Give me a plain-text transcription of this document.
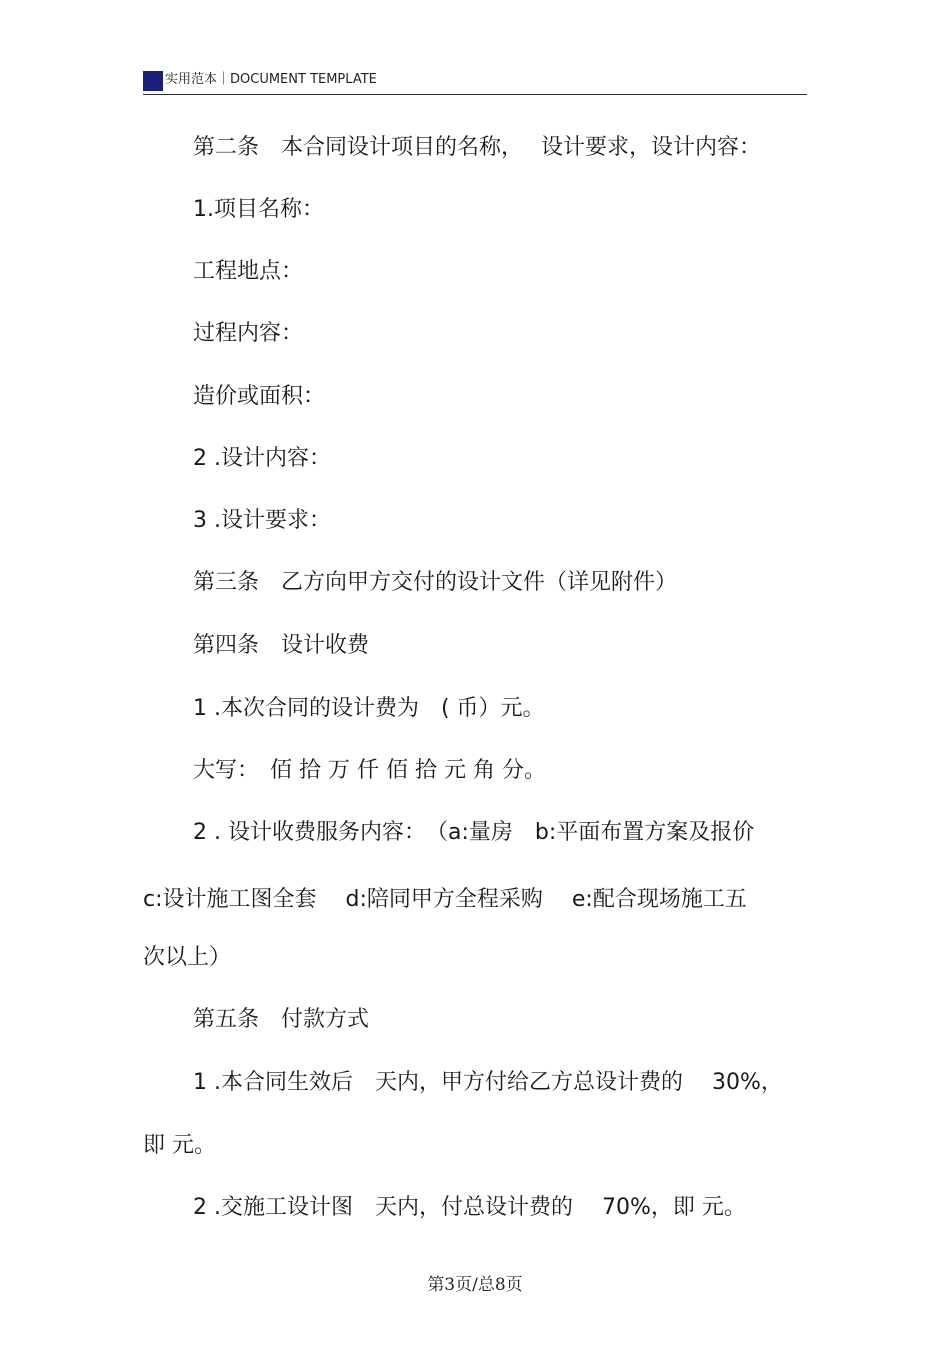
实用范本｜DOCUMENT TEMPLATE
第二条　本合同设计项目的名称，　 设计要求，设计内容：
1.项目名称：
工程地点：
过程内容：
造价或面积：
2 .设计内容：
3 .设计要求：
第三条　乙方向甲方交付的设计文件（详见附件）
第四条　设计收费
1 .本次合同的设计费为　( 币）元。
大写：　佰 拾 万 仟 佰 拾 元 角 分。
2 . 设计收费服务内容：　（a:量房　b:平面布置方案及报价
c:设计施工图全套　 d:陪同甲方全程采购　 e:配合现场施工五
次以上）
第五条　付款方式
1 .本合同生效后　天内，甲方付给乙方总设计费的　 30%，
即 元。
2 .交施工设计图　天内，付总设计费的　 70%，即 元。
第3页/总8页
